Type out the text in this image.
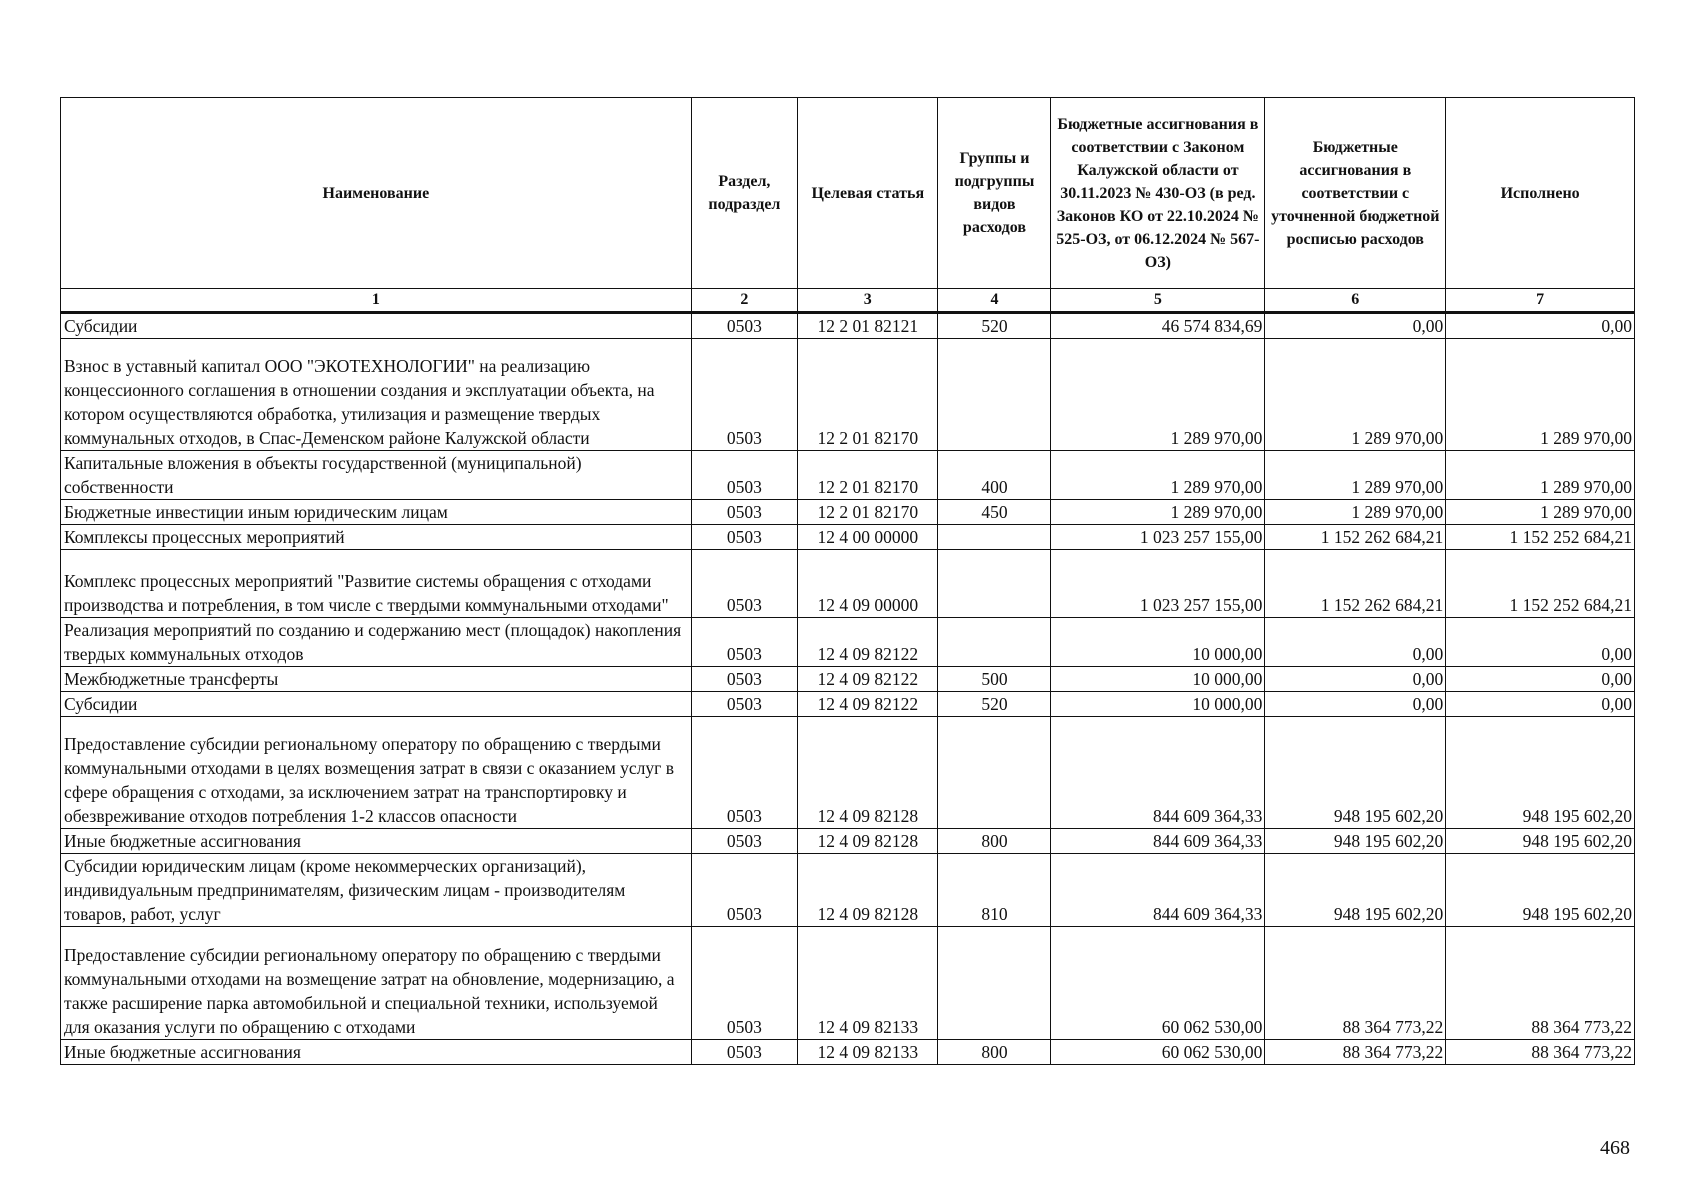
Наименование	Раздел, подраздел	Целевая статья	Группы и подгруппы видов расходов	Бюджетные ассигнования в соответствии с Законом Калужской области от 30.11.2023 № 430-ОЗ (в ред. Законов КО от 22.10.2024 № 525-ОЗ, от 06.12.2024 № 567-ОЗ)	Бюджетные ассигнования в соответствии с уточненной бюджетной росписью расходов	Исполнено
1	2	3	4	5	6	7
Субсидии	0503	12 2 01 82121	520	46 574 834,69	0,00	0,00
Взнос в уставный капитал ООО "ЭКОТЕХНОЛОГИИ" на реализацию концессионного соглашения в отношении создания и эксплуатации объекта, на котором осуществляются обработка, утилизация и размещение твердых коммунальных отходов, в Спас-Деменском районе Калужской области	0503	12 2 01 82170		1 289 970,00	1 289 970,00	1 289 970,00
Капитальные вложения в объекты государственной (муниципальной) собственности	0503	12 2 01 82170	400	1 289 970,00	1 289 970,00	1 289 970,00
Бюджетные инвестиции иным юридическим лицам	0503	12 2 01 82170	450	1 289 970,00	1 289 970,00	1 289 970,00
Комплексы процессных мероприятий	0503	12 4 00 00000		1 023 257 155,00	1 152 262 684,21	1 152 252 684,21
Комплекс процессных мероприятий "Развитие системы обращения с отходами производства и потребления, в том числе с твердыми коммунальными отходами"	0503	12 4 09 00000		1 023 257 155,00	1 152 262 684,21	1 152 252 684,21
Реализация мероприятий по созданию и содержанию мест (площадок) накопления твердых коммунальных отходов	0503	12 4 09 82122		10 000,00	0,00	0,00
Межбюджетные трансферты	0503	12 4 09 82122	500	10 000,00	0,00	0,00
Субсидии	0503	12 4 09 82122	520	10 000,00	0,00	0,00
Предоставление субсидии региональному оператору по обращению с твердыми коммунальными отходами в целях возмещения затрат в связи с оказанием услуг в сфере обращения с отходами, за исключением затрат на транспортировку и обезвреживание отходов потребления 1-2 классов опасности	0503	12 4 09 82128		844 609 364,33	948 195 602,20	948 195 602,20
Иные бюджетные ассигнования	0503	12 4 09 82128	800	844 609 364,33	948 195 602,20	948 195 602,20
Субсидии юридическим лицам (кроме некоммерческих организаций), индивидуальным предпринимателям, физическим лицам - производителям товаров, работ, услуг	0503	12 4 09 82128	810	844 609 364,33	948 195 602,20	948 195 602,20
Предоставление субсидии региональному оператору по обращению с твердыми коммунальными отходами на возмещение затрат на обновление, модернизацию, а также расширение парка автомобильной и специальной техники, используемой для оказания услуги по обращению с отходами	0503	12 4 09 82133		60 062 530,00	88 364 773,22	88 364 773,22
Иные бюджетные ассигнования	0503	12 4 09 82133	800	60 062 530,00	88 364 773,22	88 364 773,22
468
